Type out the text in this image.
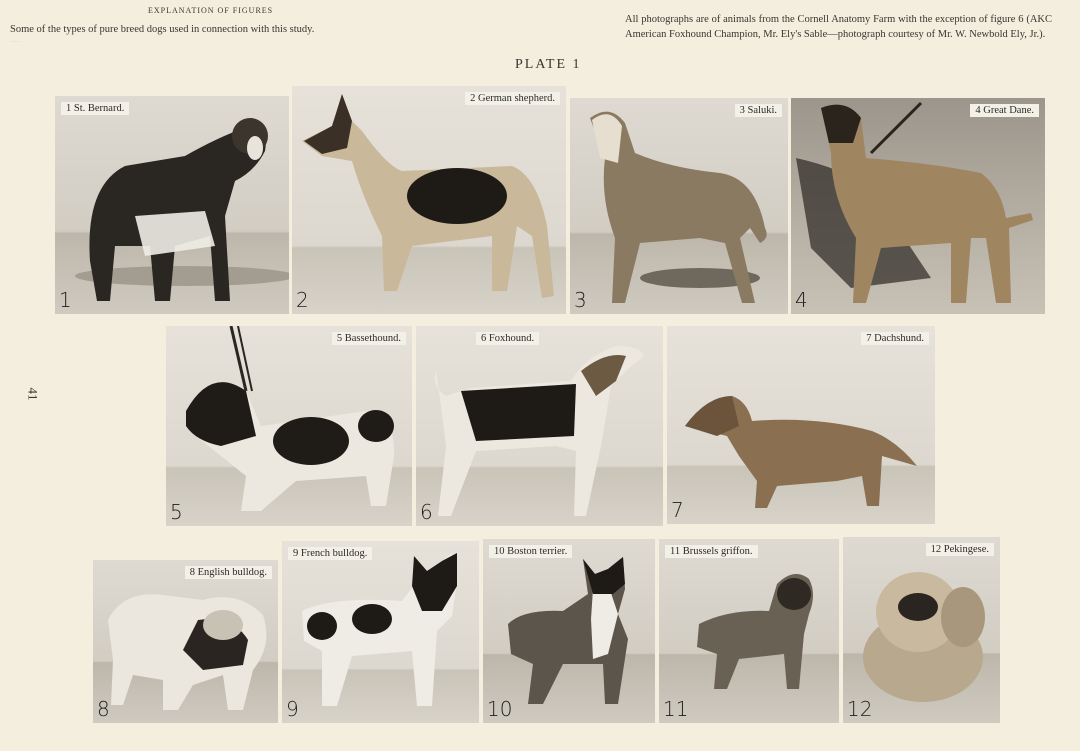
EXPLANATION OF FIGURES
Some of the types of pure breed dogs used in connection with this study.
· · · · ·
All photographs are of animals from the Cornell Anatomy Farm with the exception of figure 6 (AKC American Foxhound Champion, Mr. Ely's Sable—photograph courtesy of Mr. W. Newbold Ely, Jr.).
PLATE 1
41
1 St. Bernard.
1
2 German shepherd.
2
3 Saluki.
3
4 Great Dane.
4
5 Bassethound.
5
6 Foxhound.
6
7 Dachshund.
7
8 English bulldog.
8
9 French bulldog.
9
10 Boston terrier.
10
11 Brussels griffon.
11
12 Pekingese.
12
